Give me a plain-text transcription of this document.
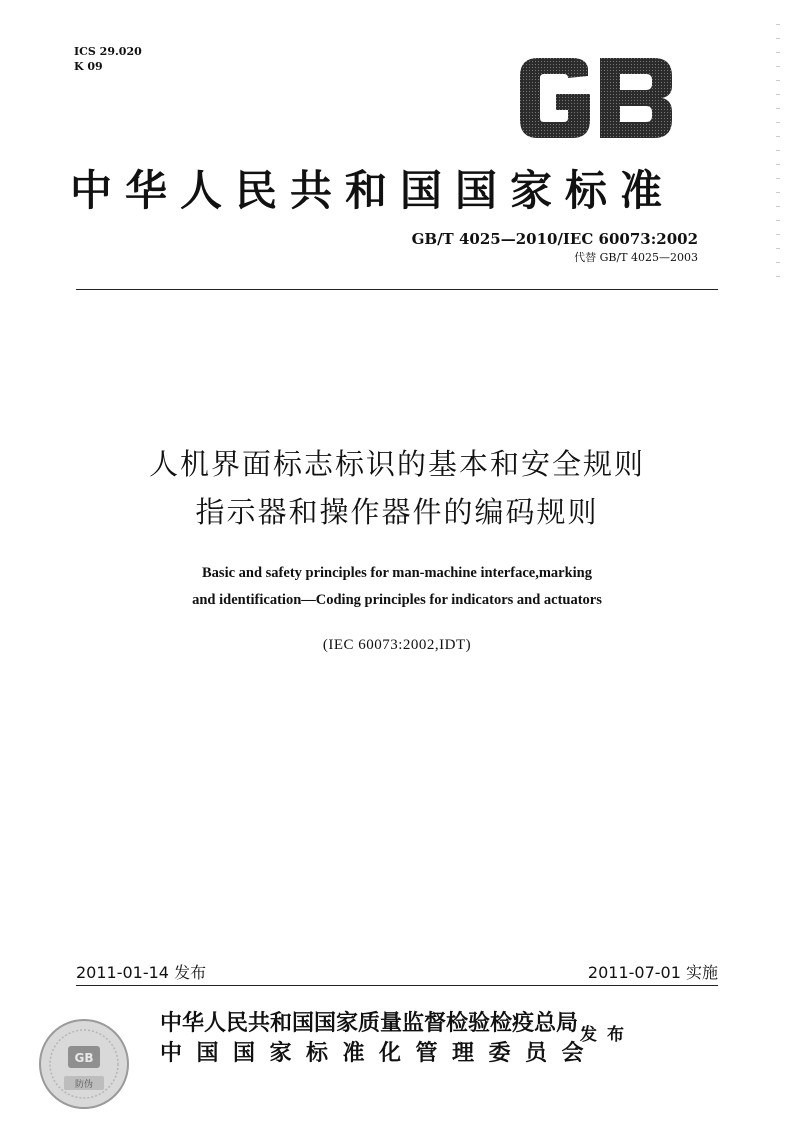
ICS 29.020
K 09
中华人民共和国国家标准
GB/T 4025—2010/IEC 60073:2002
代替 GB/T 4025—2003
人机界面标志标识的基本和安全规则
指示器和操作器件的编码规则
Basic and safety principles for man-machine interface,marking
and identification—Coding principles for indicators and actuators
(IEC 60073:2002,IDT)
2011-01-14 发布	2011-07-01 实施
GB
防伪
中华人民共和国国家质量监督检验检疫总局
中国国家标准化管理委员会
发布
